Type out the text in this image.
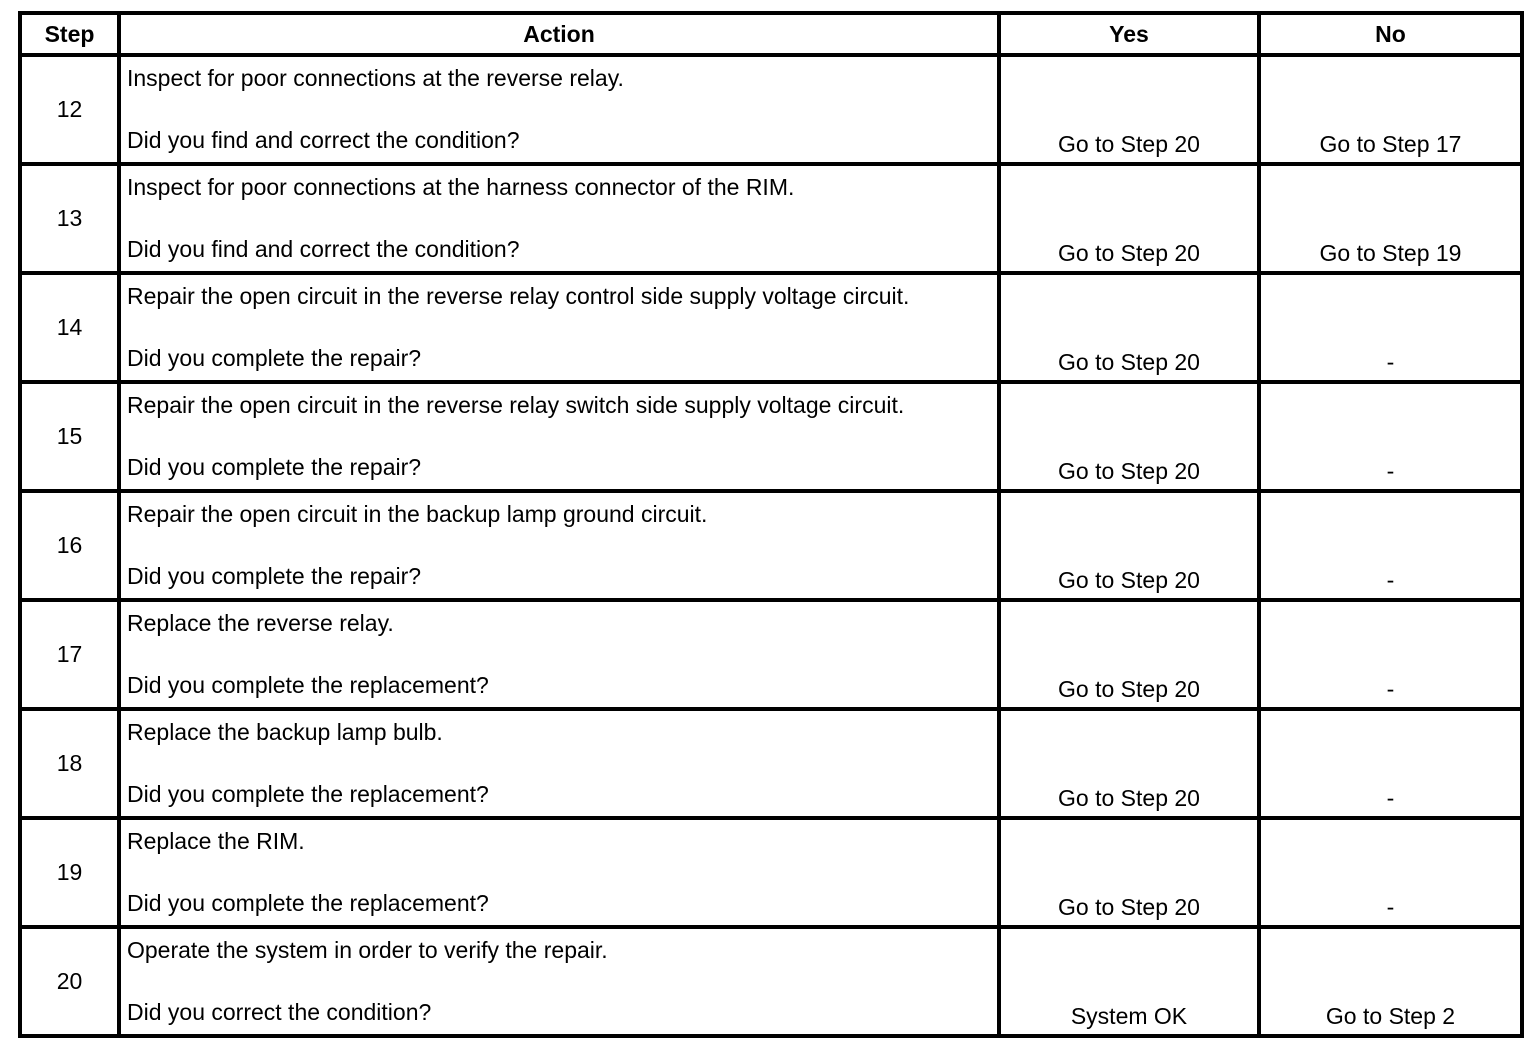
Step	Action	Yes	No
12	Inspect for poor connections at the reverse relay.
Did you find and correct the condition?	Go to Step 20	Go to Step 17
13	Inspect for poor connections at the harness connector of the RIM.
Did you find and correct the condition?	Go to Step 20	Go to Step 19
14	Repair the open circuit in the reverse relay control side supply voltage circuit.
Did you complete the repair?	Go to Step 20	-
15	Repair the open circuit in the reverse relay switch side supply voltage circuit.
Did you complete the repair?	Go to Step 20	-
16	Repair the open circuit in the backup lamp ground circuit.
Did you complete the repair?	Go to Step 20	-
17	Replace the reverse relay.
Did you complete the replacement?	Go to Step 20	-
18	Replace the backup lamp bulb.
Did you complete the replacement?	Go to Step 20	-
19	Replace the RIM.
Did you complete the replacement?	Go to Step 20	-
20	Operate the system in order to verify the repair.
Did you correct the condition?	System OK	Go to Step 2
